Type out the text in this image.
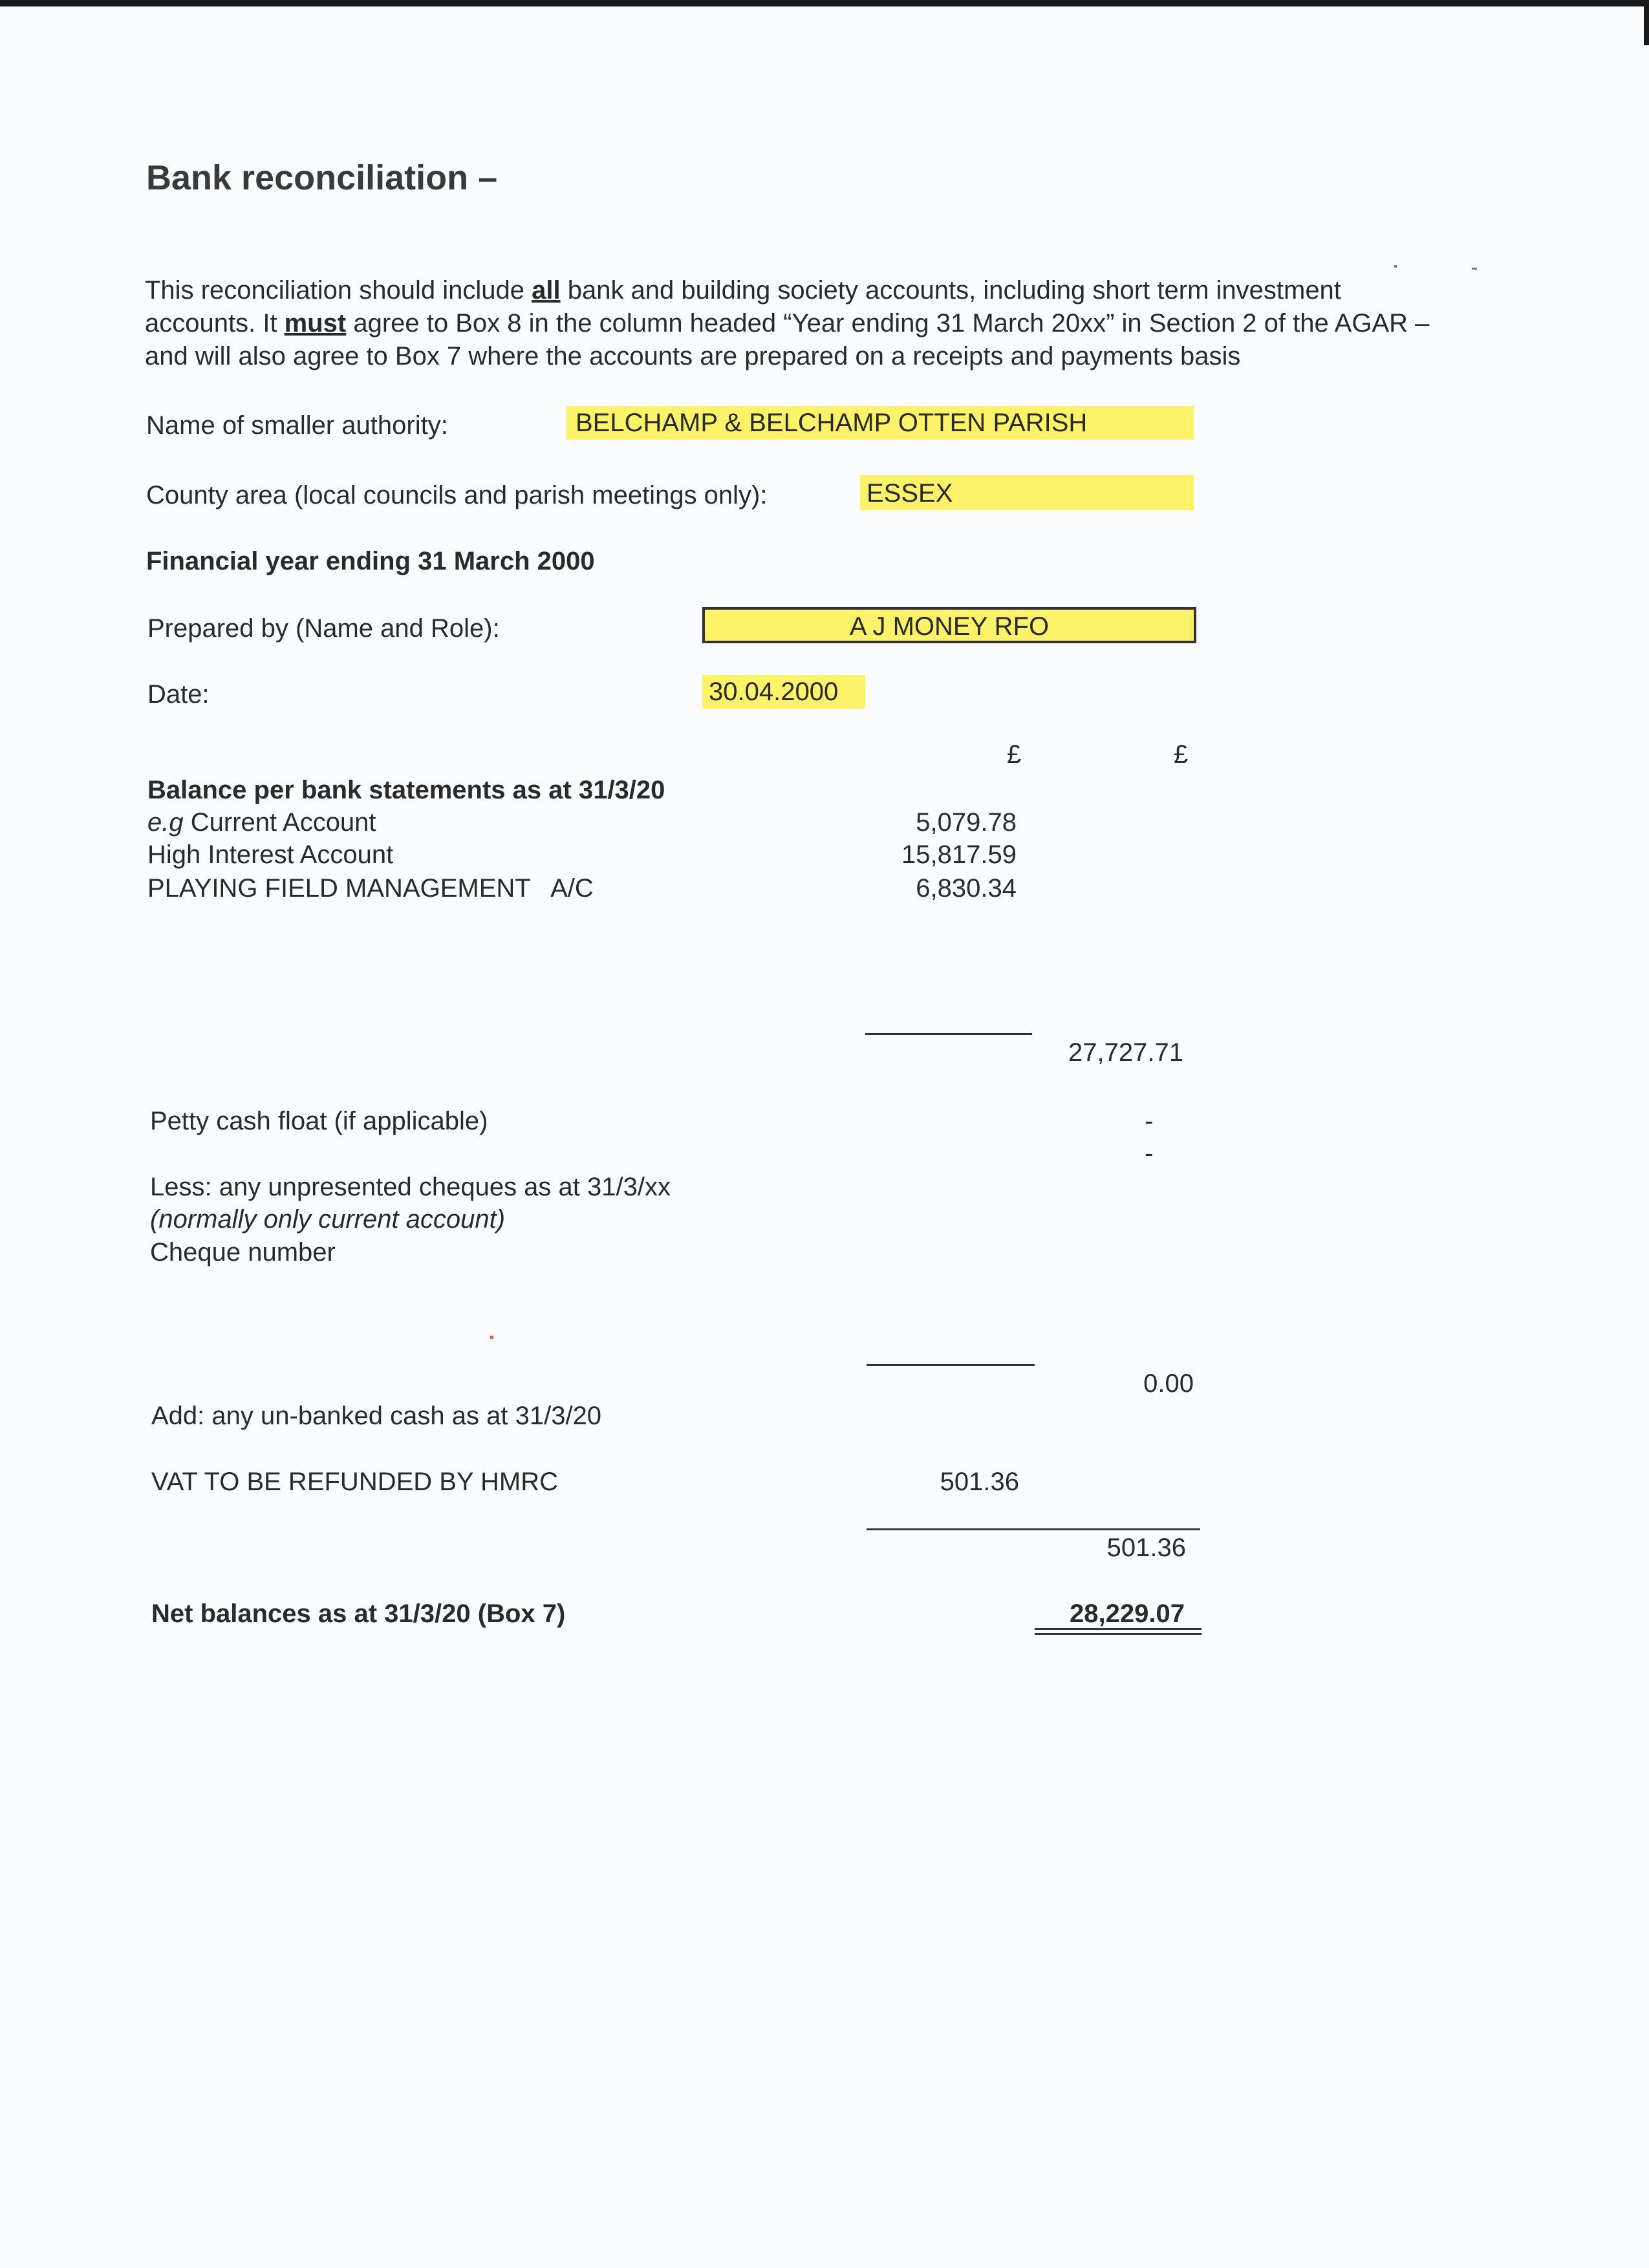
Bank reconciliation –
This reconciliation should include all bank and building society accounts, including short term investment accounts. It must agree to Box 8 in the column headed “Year ending 31 March 20xx” in Section 2 of the AGAR – and will also agree to Box 7 where the accounts are prepared on a receipts and payments basis
Name of smaller authority:	BELCHAMP & BELCHAMP OTTEN PARISH
County area (local councils and parish meetings only):	ESSEX
Financial year ending 31 March 2000
Prepared by (Name and Role):	A J MONEY RFO
Date:	30.04.2000
£	£
Balance per bank statements as at 31/3/20
e.g Current Account	5,079.78
High Interest Account	15,817.59
PLAYING FIELD MANAGEMENT   A/C	6,830.34
27,727.71
Petty cash float (if applicable)	-
-
Less: any unpresented cheques as at 31/3/xx
(normally only current account)
Cheque number
0.00
Add: any un-banked cash as at 31/3/20
VAT TO BE REFUNDED BY HMRC	501.36
501.36
Net balances as at 31/3/20 (Box 7)	28,229.07
